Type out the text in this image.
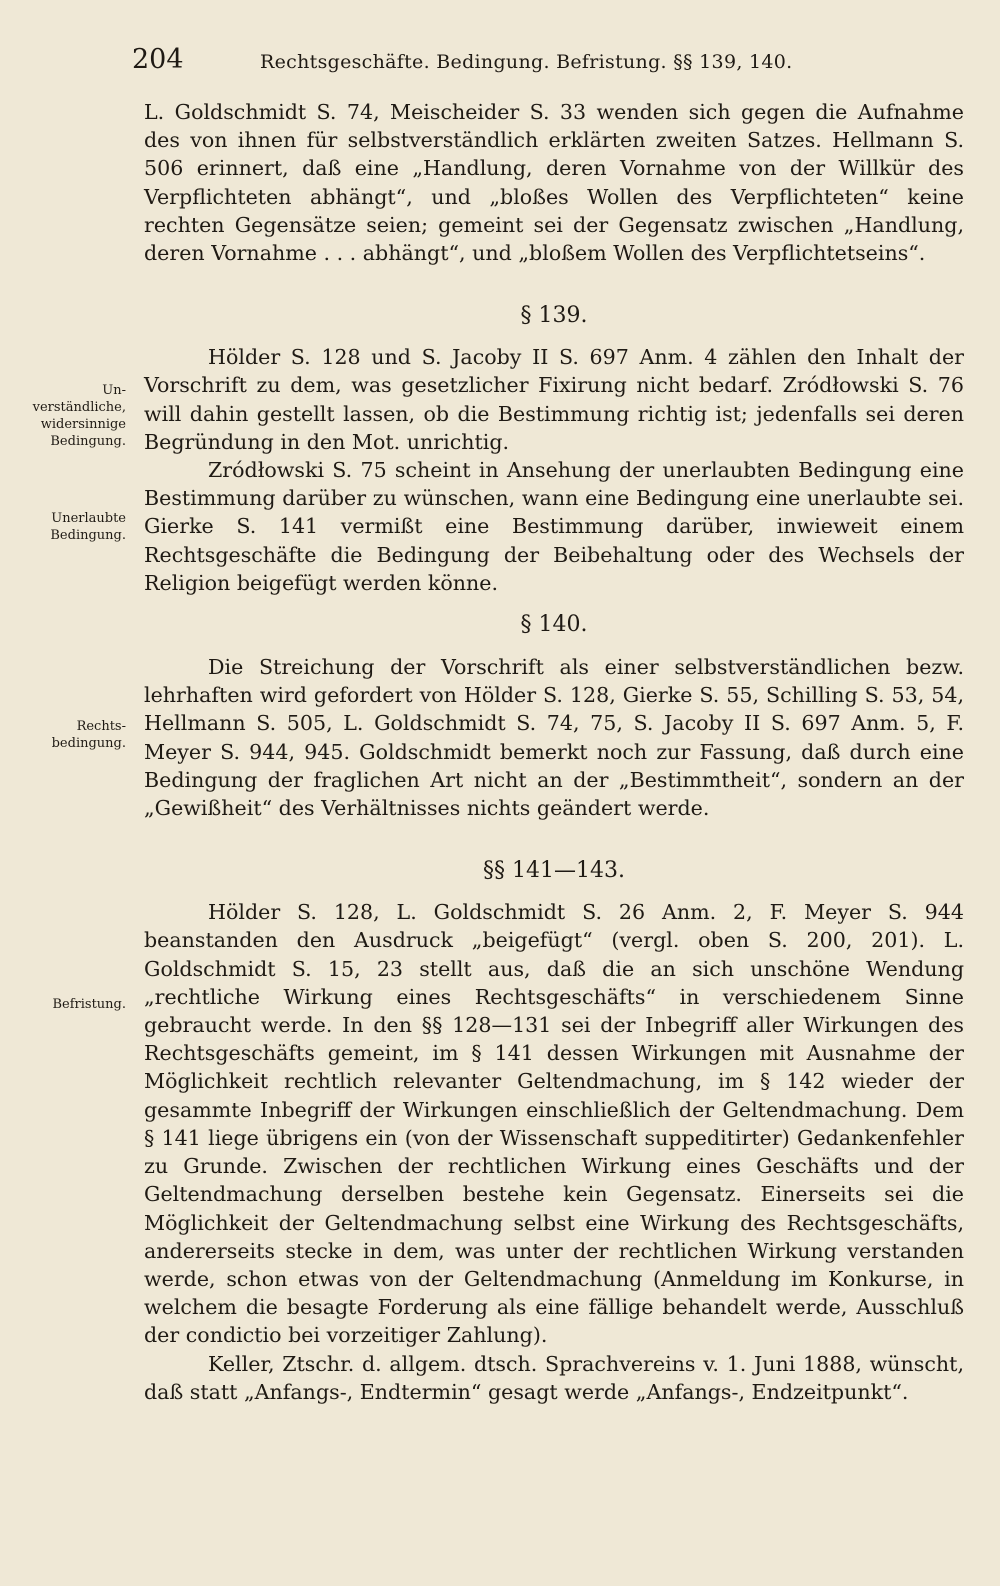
204	Rechtsgeschäfte. Bedingung. Befristung. §§ 139, 140.
Un-
verständliche,
widersinnige
Bedingung.
Unerlaubte
Bedingung.
Rechts-
bedingung.
Befristung.

L. Goldschmidt S. 74, Meischeider S. 33 wenden sich gegen die Aufnahme des von ihnen für selbstverständlich erklärten zweiten Satzes. Hellmann S. 506 erinnert, daß eine „Handlung, deren Vornahme von der Willkür des Verpflichteten abhängt“, und „bloßes Wollen des Verpflichteten“ keine rechten Gegensätze seien; gemeint sei der Gegensatz zwischen „Handlung, deren Vornahme . . . abhängt“, und „bloßem Wollen des Verpflichtetseins“.

§ 139.

Hölder S. 128 und S. Jacoby II S. 697 Anm. 4 zählen den Inhalt der Vorschrift zu dem, was gesetzlicher Fixirung nicht bedarf. Zródłowski S. 76 will dahin gestellt lassen, ob die Bestimmung richtig ist; jedenfalls sei deren Begründung in den Mot. unrichtig.

Zródłowski S. 75 scheint in Ansehung der unerlaubten Bedingung eine Bestimmung darüber zu wünschen, wann eine Bedingung eine unerlaubte sei. Gierke S. 141 vermißt eine Bestimmung darüber, inwieweit einem Rechtsgeschäfte die Bedingung der Beibehaltung oder des Wechsels der Religion beigefügt werden könne.

§ 140.

Die Streichung der Vorschrift als einer selbstverständlichen bezw. lehrhaften wird gefordert von Hölder S. 128, Gierke S. 55, Schilling S. 53, 54, Hellmann S. 505, L. Goldschmidt S. 74, 75, S. Jacoby II S. 697 Anm. 5, F. Meyer S. 944, 945. Goldschmidt bemerkt noch zur Fassung, daß durch eine Bedingung der fraglichen Art nicht an der „Bestimmtheit“, sondern an der „Gewißheit“ des Verhältnisses nichts geändert werde.

§§ 141—143.

Hölder S. 128, L. Goldschmidt S. 26 Anm. 2, F. Meyer S. 944 beanstanden den Ausdruck „beigefügt“ (vergl. oben S. 200, 201). L. Goldschmidt S. 15, 23 stellt aus, daß die an sich unschöne Wendung „rechtliche Wirkung eines Rechtsgeschäfts“ in verschiedenem Sinne gebraucht werde. In den §§ 128—131 sei der Inbegriff aller Wirkungen des Rechtsgeschäfts gemeint, im § 141 dessen Wirkungen mit Ausnahme der Möglichkeit rechtlich relevanter Geltendmachung, im § 142 wieder der gesammte Inbegriff der Wirkungen einschließlich der Geltendmachung. Dem § 141 liege übrigens ein (von der Wissenschaft suppeditirter) Gedankenfehler zu Grunde. Zwischen der rechtlichen Wirkung eines Geschäfts und der Geltendmachung derselben bestehe kein Gegensatz. Einerseits sei die Möglichkeit der Geltendmachung selbst eine Wirkung des Rechtsgeschäfts, andererseits stecke in dem, was unter der rechtlichen Wirkung verstanden werde, schon etwas von der Geltendmachung (Anmeldung im Konkurse, in welchem die besagte Forderung als eine fällige behandelt werde, Ausschluß der condictio bei vorzeitiger Zahlung).

Keller, Ztschr. d. allgem. dtsch. Sprachvereins v. 1. Juni 1888, wünscht, daß statt „Anfangs-, Endtermin“ gesagt werde „Anfangs-, Endzeitpunkt“.
